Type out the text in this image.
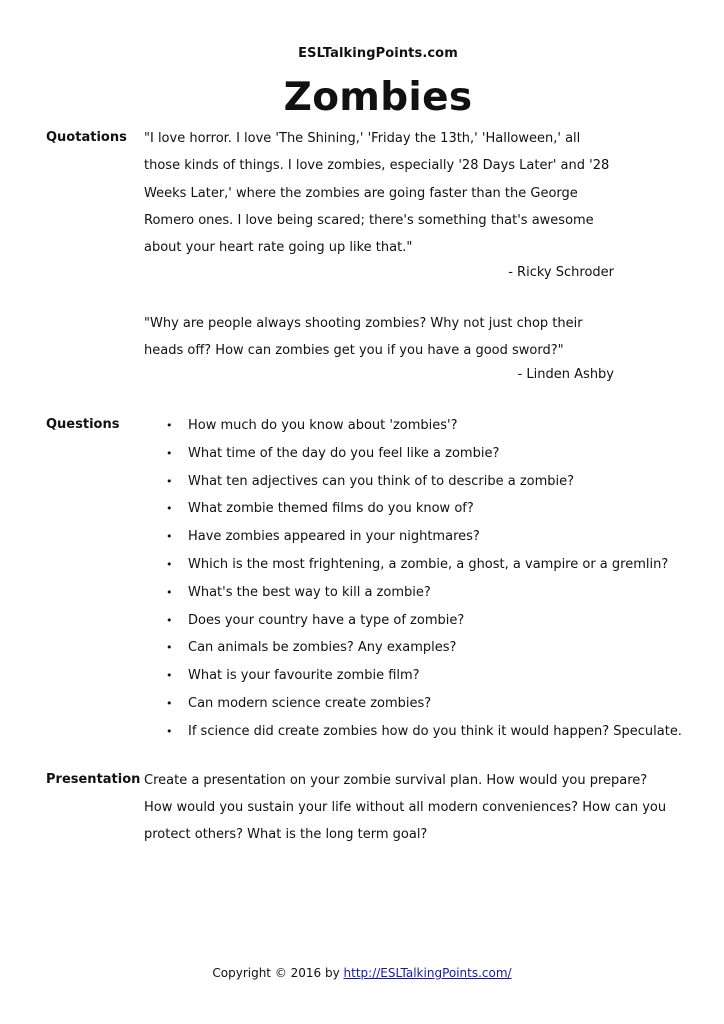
ESLTalkingPoints.com
Zombies
Quotations "I love horror. I love 'The Shining,' 'Friday the 13th,' 'Halloween,' all those kinds of things. I love zombies, especially '28 Days Later' and '28 Weeks Later,' where the zombies are going faster than the George Romero ones. I love being scared; there's something that's awesome about your heart rate going up like that."

- Ricky Schroder

"Why are people always shooting zombies? Why not just chop their heads off? How can zombies get you if you have a good sword?"

- Linden Ashby
Questions
•	How much do you know about 'zombies'?
• What time of the day do you feel like a zombie?
• What ten adjectives can you think of to describe a zombie?
• What zombie themed films do you know of?
• Have zombies appeared in your nightmares?
• Which is the most frightening, a zombie, a ghost, a vampire or a gremlin?
• What's the best way to kill a zombie?
• Does your country have a type of zombie?
• Can animals be zombies? Any examples?
• What is your favourite zombie film?
• Can modern science create zombies?
• If science did create zombies how do you think it would happen? Speculate.
Presentation Create a presentation on your zombie survival plan. How would you prepare? How would you sustain your life without all modern conveniences? How can you protect others? What is the long term goal?

Copyright © 2016 by http://ESLTalkingPoints.com/
